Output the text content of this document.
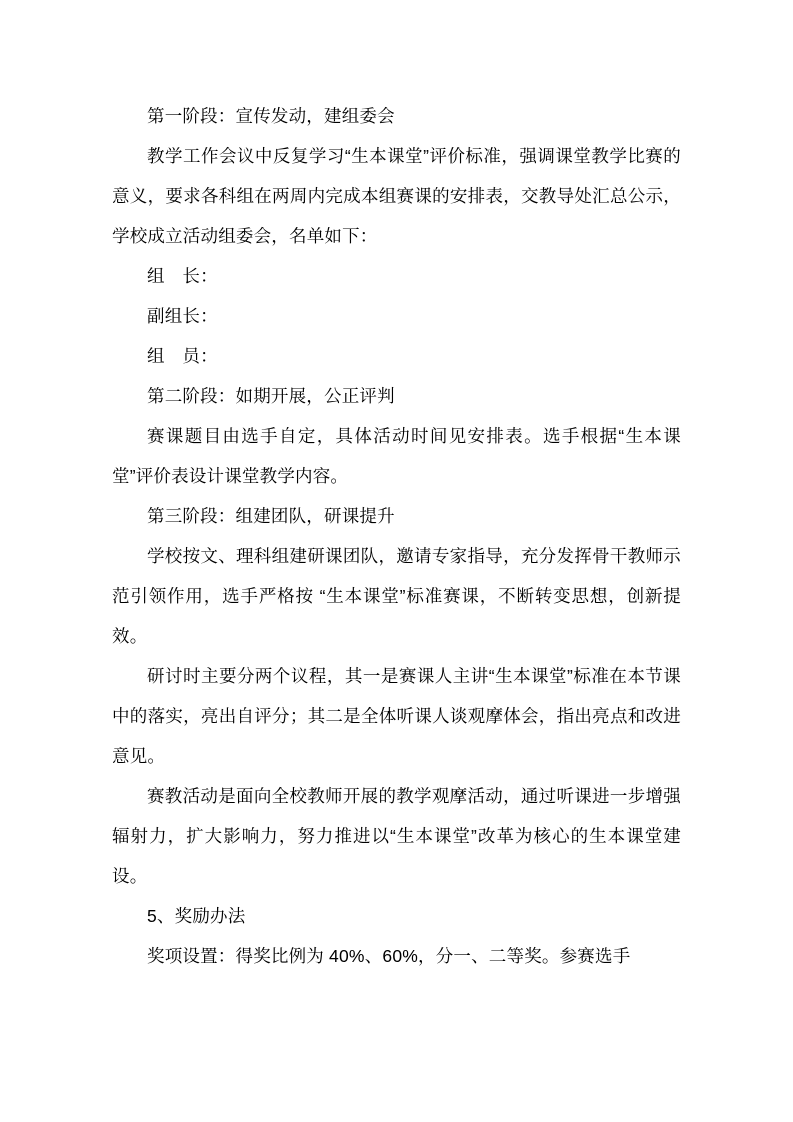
第一阶段：宣传发动，建组委会

教学工作会议中反复学习“生本课堂”评价标准，强调课堂教学比赛的意义，要求各科组在两周内完成本组赛课的安排表，交教导处汇总公示，学校成立活动组委会，名单如下：

组　长：

副组长：

组　员：

第二阶段：如期开展，公正评判

赛课题目由选手自定，具体活动时间见安排表。选手根据“生本课堂”评价表设计课堂教学内容。

第三阶段：组建团队，研课提升

学校按文、理科组建研课团队，邀请专家指导，充分发挥骨干教师示范引领作用，选手严格按 “生本课堂”标准赛课，不断转变思想，创新提效。

研讨时主要分两个议程，其一是赛课人主讲“生本课堂”标准在本节课中的落实，亮出自评分；其二是全体听课人谈观摩体会，指出亮点和改进意见。

赛教活动是面向全校教师开展的教学观摩活动，通过听课进一步增强辐射力，扩大影响力，努力推进以“生本课堂”改革为核心的生本课堂建设。

5、奖励办法

奖项设置：得奖比例为 40%、60%，分一、二等奖。参赛选手
